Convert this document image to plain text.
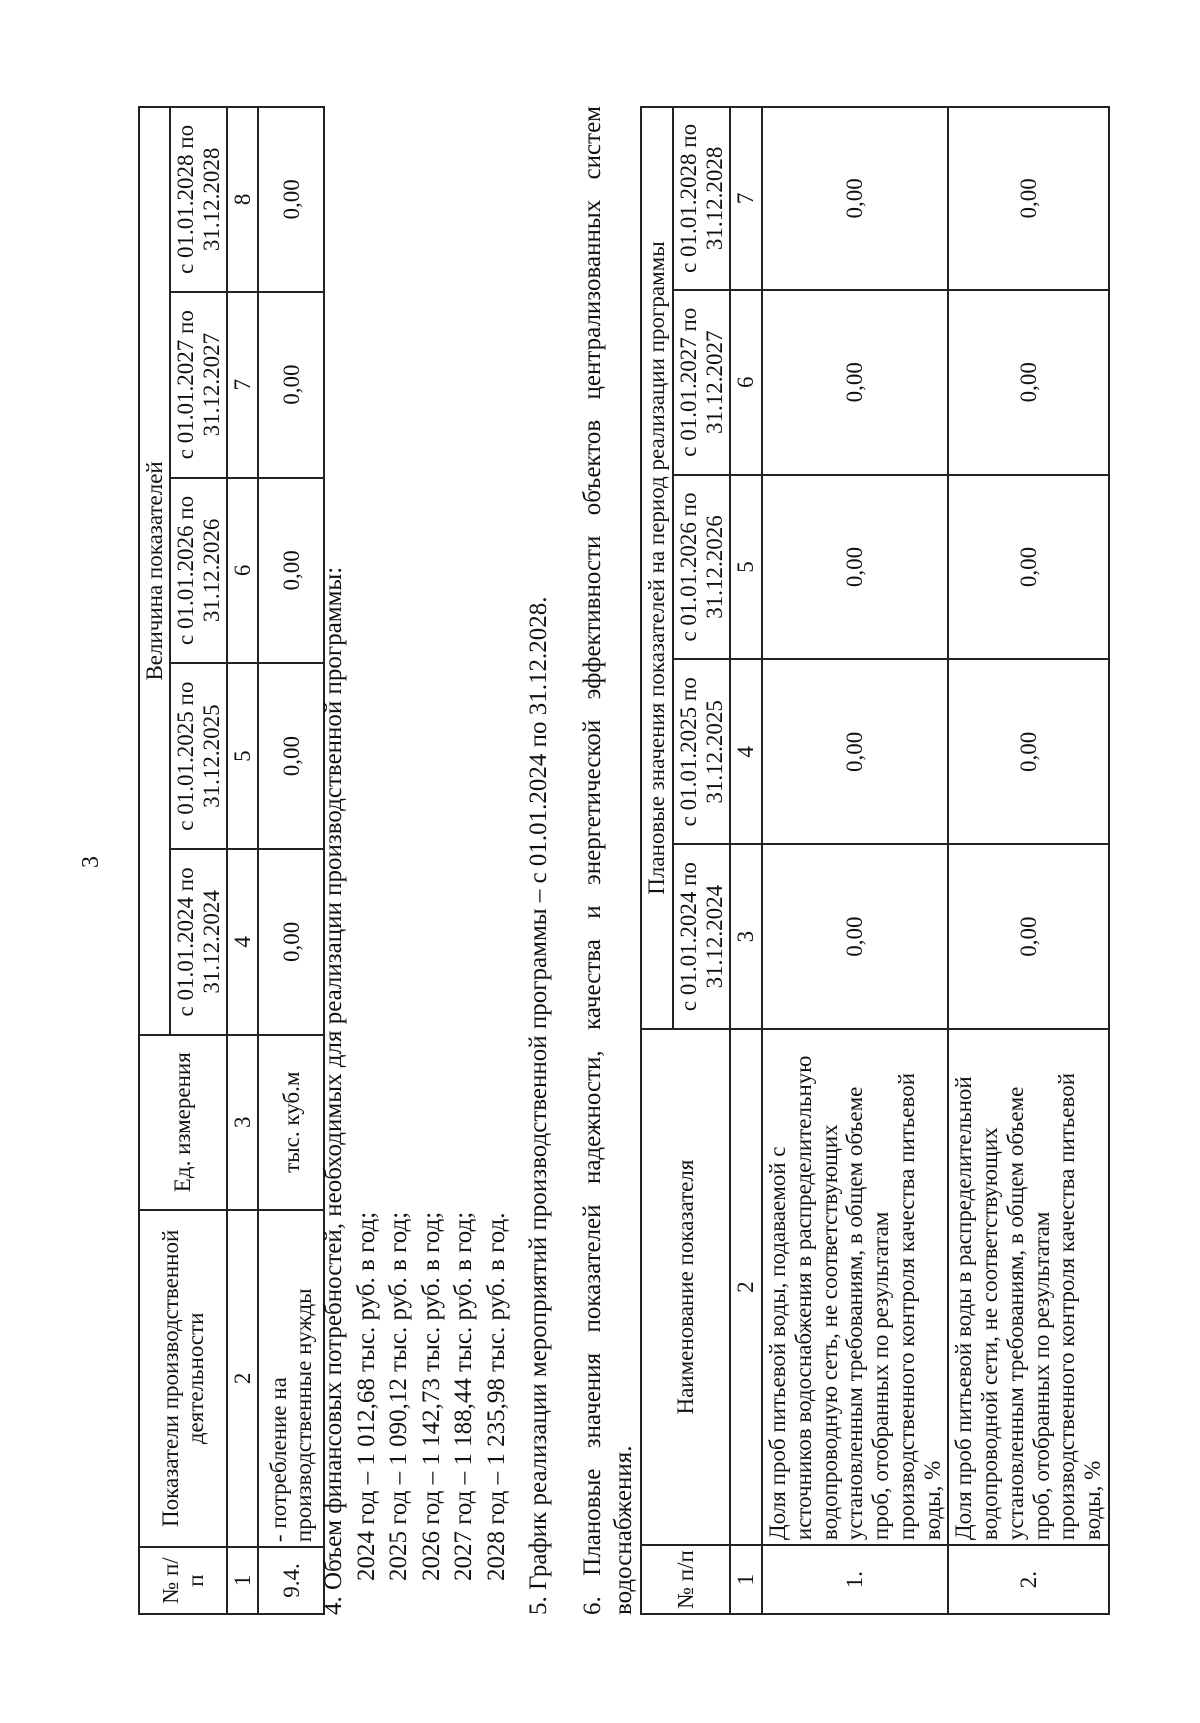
3
№ п/п	Показатели производственной деятельности	Ед. измерения	Величина показателей				
			с 01.01.2024 по 31.12.2024	с 01.01.2025 по 31.12.2025	с 01.01.2026 по 31.12.2026	с 01.01.2027 по 31.12.2027	с 01.01.2028 по 31.12.2028
1	2	3	4	5	6	7	8
9.4.	- потребление на производственные нужды	тыс. куб.м	0,00	0,00	0,00	0,00	0,00
4. Объем финансовых потребностей, необходимых для реализации производственной программы: 2024 год – 1 012,68 тыс. руб. в год; 2025 год – 1 090,12 тыс. руб. в год; 2026 год – 1 142,73 тыс. руб. в год; 2027 год – 1 188,44 тыс. руб. в год; 2028 год – 1 235,98 тыс. руб. в год. 5. График реализации мероприятий производственной программы – с 01.01.2024 по 31.12.2028. 6. Плановые значения показателей надежности, качества и энергетической эффективности объектов централизованных систем водоснабжения. № п/п	Наименование показателя	Плановые значения показателей на период реализации программы				
		с 01.01.2024 по 31.12.2024	с 01.01.2025 по 31.12.2025	с 01.01.2026 по 31.12.2026	с 01.01.2027 по 31.12.2027	с 01.01.2028 по 31.12.2028
1	2	3	4	5	6	7
1.	Доля проб питьевой воды, подаваемой с источников водоснабжения в распределительную водопроводную сеть, не соответствующих установленным требованиям, в общем объеме проб, отобранных по результатам производственного контроля качества питьевой воды, %	0,00	0,00	0,00	0,00	0,00
2.	Доля проб питьевой воды в распределительной водопроводной сети, не соответствующих установленным требованиям, в общем объеме проб, отобранных по результатам производственного контроля качества питьевой воды, %	0,00	0,00	0,00	0,00	0,00
